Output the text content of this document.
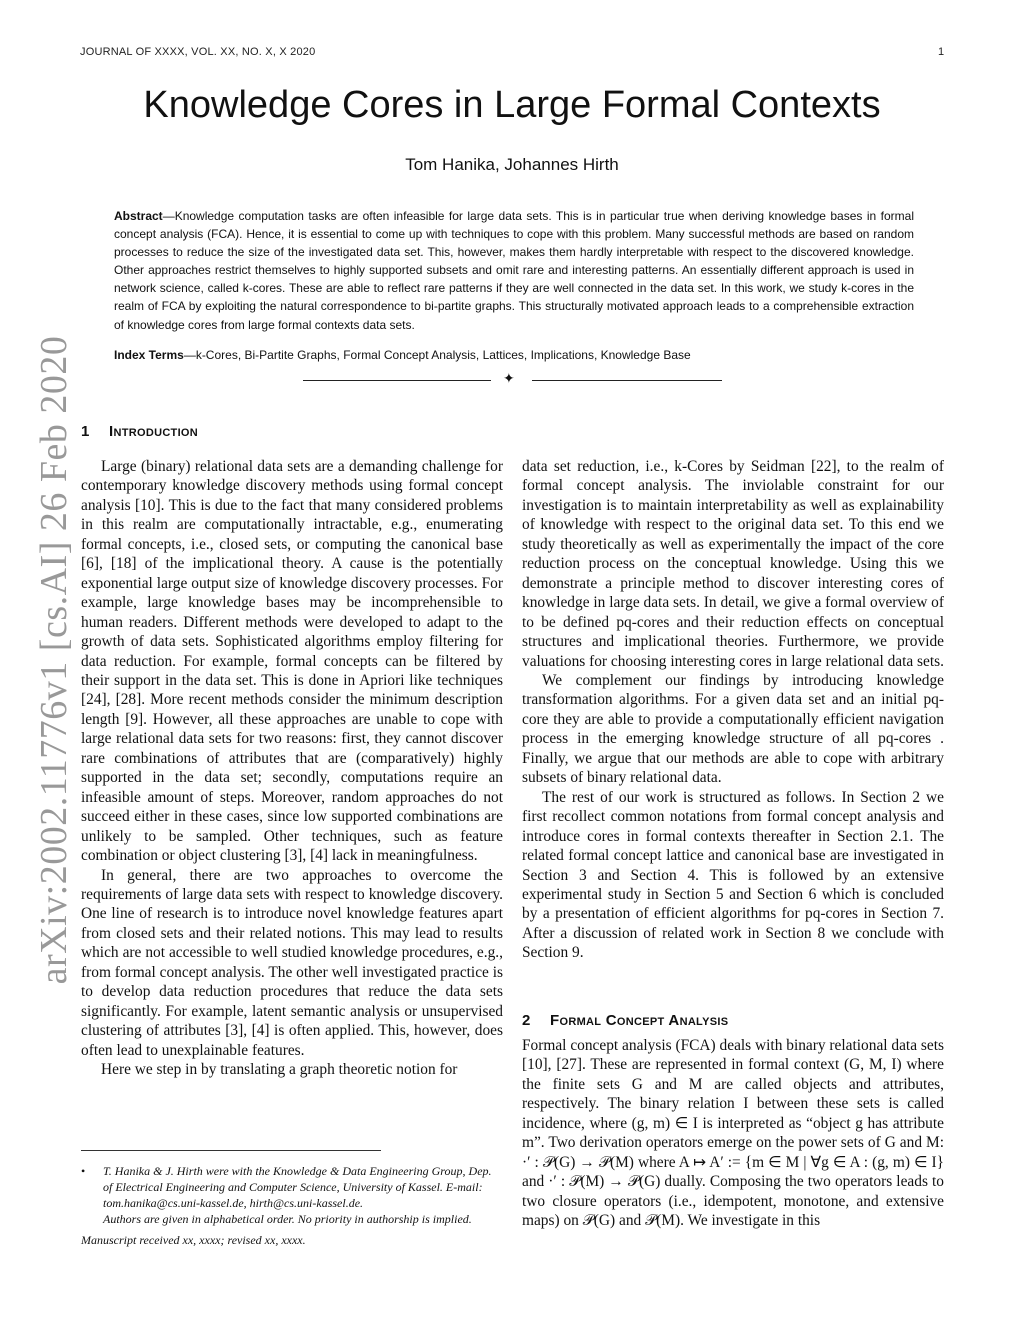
JOURNAL OF XXXX, VOL. XX, NO. X, X 2020	1
Knowledge Cores in Large Formal Contexts
Tom Hanika, Johannes Hirth
Abstract—Knowledge computation tasks are often infeasible for large data sets. This is in particular true when deriving knowledge bases in formal concept analysis (FCA). Hence, it is essential to come up with techniques to cope with this problem. Many successful methods are based on random processes to reduce the size of the investigated data set. This, however, makes them hardly interpretable with respect to the discovered knowledge. Other approaches restrict themselves to highly supported subsets and omit rare and interesting patterns. An essentially different approach is used in network science, called k-cores. These are able to reflect rare patterns if they are well connected in the data set. In this work, we study k-cores in the realm of FCA by exploiting the natural correspondence to bi-partite graphs. This structurally motivated approach leads to a comprehensible extraction of knowledge cores from large formal contexts data sets.
Index Terms—k-Cores, Bi-Partite Graphs, Formal Concept Analysis, Lattices, Implications, Knowledge Base
✦
arXiv:2002.11776v1 [cs.AI] 26 Feb 2020 1 Introduction

Large (binary) relational data sets are a demanding challenge for contemporary knowledge discovery methods using formal concept analysis [10]. This is due to the fact that many considered problems in this realm are computationally intractable, e.g., enumerating formal concepts, i.e., closed sets, or computing the canonical base [6], [18] of the implicational theory. A cause is the potentially exponential large output size of knowledge discovery processes. For example, large knowledge bases may be incomprehensible to human readers. Different methods were developed to adapt to the growth of data sets. Sophisticated algorithms employ filtering for data reduction. For example, formal concepts can be filtered by their support in the data set. This is done in Apriori like techniques [24], [28]. More recent methods consider the minimum description length [9]. However, all these approaches are unable to cope with large relational data sets for two reasons: first, they cannot discover rare combinations of attributes that are (comparatively) highly supported in the data set; secondly, computations require an infeasible amount of steps. Moreover, random approaches do not succeed either in these cases, since low supported combinations are unlikely to be sampled. Other techniques, such as feature combination or object clustering [3], [4] lack in meaningfulness.

In general, there are two approaches to overcome the requirements of large data sets with respect to knowledge discovery. One line of research is to introduce novel knowledge features apart from closed sets and their related notions. This may lead to results which are not accessible to well studied knowledge procedures, e.g., from formal concept analysis. The other well investigated practice is to develop data reduction procedures that reduce the data sets significantly. For example, latent semantic analysis or unsupervised clustering of attributes [3], [4] is often applied. This, however, does often lead to unexplainable features.

Here we step in by translating a graph theoretic notion for

data set reduction, i.e., k-Cores by Seidman [22], to the realm of formal concept analysis. The inviolable constraint for our investigation is to maintain interpretability as well as explainability of knowledge with respect to the original data set. To this end we study theoretically as well as experimentally the impact of the core reduction process on the conceptual knowledge. Using this we demonstrate a principle method to discover interesting cores of knowledge in large data sets. In detail, we give a formal overview of to be defined pq-cores and their reduction effects on conceptual structures and implicational theories. Furthermore, we provide valuations for choosing interesting cores in large relational data sets.

We complement our findings by introducing knowledge transformation algorithms. For a given data set and an initial pq-core they are able to provide a computationally efficient navigation process in the emerging knowledge structure of all pq-cores . Finally, we argue that our methods are able to cope with arbitrary subsets of binary relational data.

The rest of our work is structured as follows. In Section 2 we first recollect common notations from formal concept analysis and introduce cores in formal contexts thereafter in Section 2.1. The related formal concept lattice and canonical base are investigated in Section 3 and Section 4. This is followed by an extensive experimental study in Section 5 and Section 6 which is concluded by a presentation of efficient algorithms for pq-cores in Section 7. After a discussion of related work in Section 8 we conclude with Section 9.

2 Formal Concept Analysis

Formal concept analysis (FCA) deals with binary relational data sets [10], [27]. These are represented in formal context (G, M, I) where the finite sets G and M are called objects and attributes, respectively. The binary relation I between these sets is called incidence, where (g, m) ∈ I is interpreted as “object g has attribute m”. Two derivation operators emerge on the power sets of G and M: ·′ : 𝒫(G) → 𝒫(M) where A ↦ A′ := {m ∈ M | ∀g ∈ A : (g, m) ∈ I} and ·′ : 𝒫(M) → 𝒫(G) dually. Composing the two operators leads to two closure operators (i.e., idempotent, monotone, and extensive maps) on 𝒫(G) and 𝒫(M). We investigate in this

• T. Hanika & J. Hirth were with the Knowledge & Data Engineering Group, Dep. of Electrical Engineering and Computer Science, University of Kassel. E-mail: tom.hanika@cs.uni-kassel.de, hirth@cs.uni-kassel.de.
Authors are given in alphabetical order. No priority in authorship is implied.
Manuscript received xx, xxxx; revised xx, xxxx.
